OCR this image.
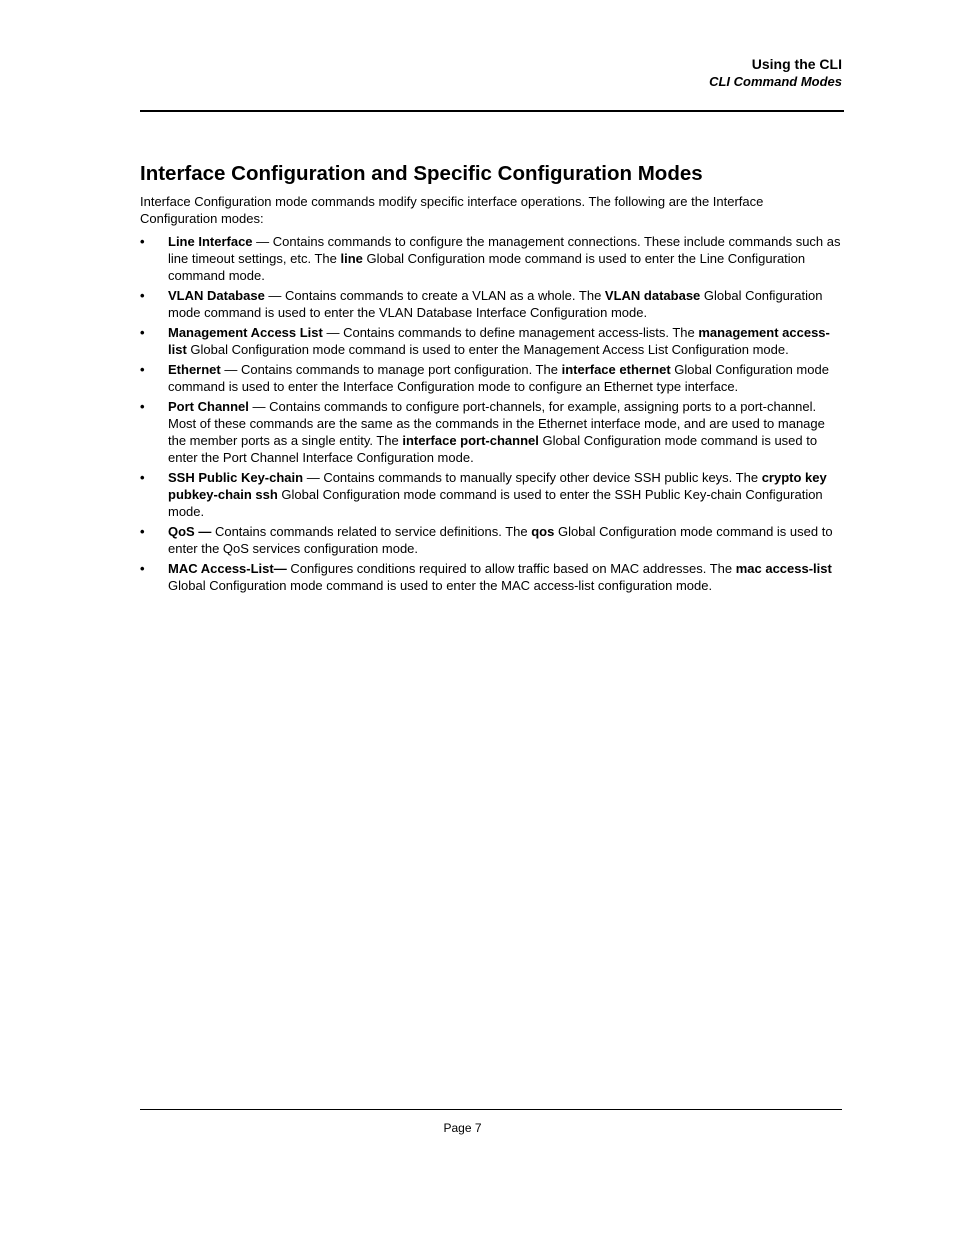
Using the CLI
CLI Command Modes
Interface Configuration and Specific Configuration Modes

Interface Configuration mode commands modify specific interface operations. The following are the Interface Configuration modes:

• Line Interface — Contains commands to configure the management connections. These include commands such as line timeout settings, etc. The line Global Configuration mode command is used to enter the Line Configuration command mode.
• VLAN Database — Contains commands to create a VLAN as a whole. The VLAN database Global Configuration mode command is used to enter the VLAN Database Interface Configuration mode.
• Management Access List — Contains commands to define management access-lists. The management access-list Global Configuration mode command is used to enter the Management Access List Configuration mode.
• Ethernet — Contains commands to manage port configuration. The interface ethernet Global Configuration mode command is used to enter the Interface Configuration mode to configure an Ethernet type interface.
• Port Channel — Contains commands to configure port-channels, for example, assigning ports to a port-channel. Most of these commands are the same as the commands in the Ethernet interface mode, and are used to manage the member ports as a single entity. The interface port-channel Global Configuration mode command is used to enter the Port Channel Interface Configuration mode.
• SSH Public Key-chain — Contains commands to manually specify other device SSH public keys. The crypto key pubkey-chain ssh Global Configuration mode command is used to enter the SSH Public Key-chain Configuration mode.
• QoS — Contains commands related to service definitions. The qos Global Configuration mode command is used to enter the QoS services configuration mode.
• MAC Access-List— Configures conditions required to allow traffic based on MAC addresses. The mac access-list Global Configuration mode command is used to enter the MAC access-list configuration mode.
Page 7
